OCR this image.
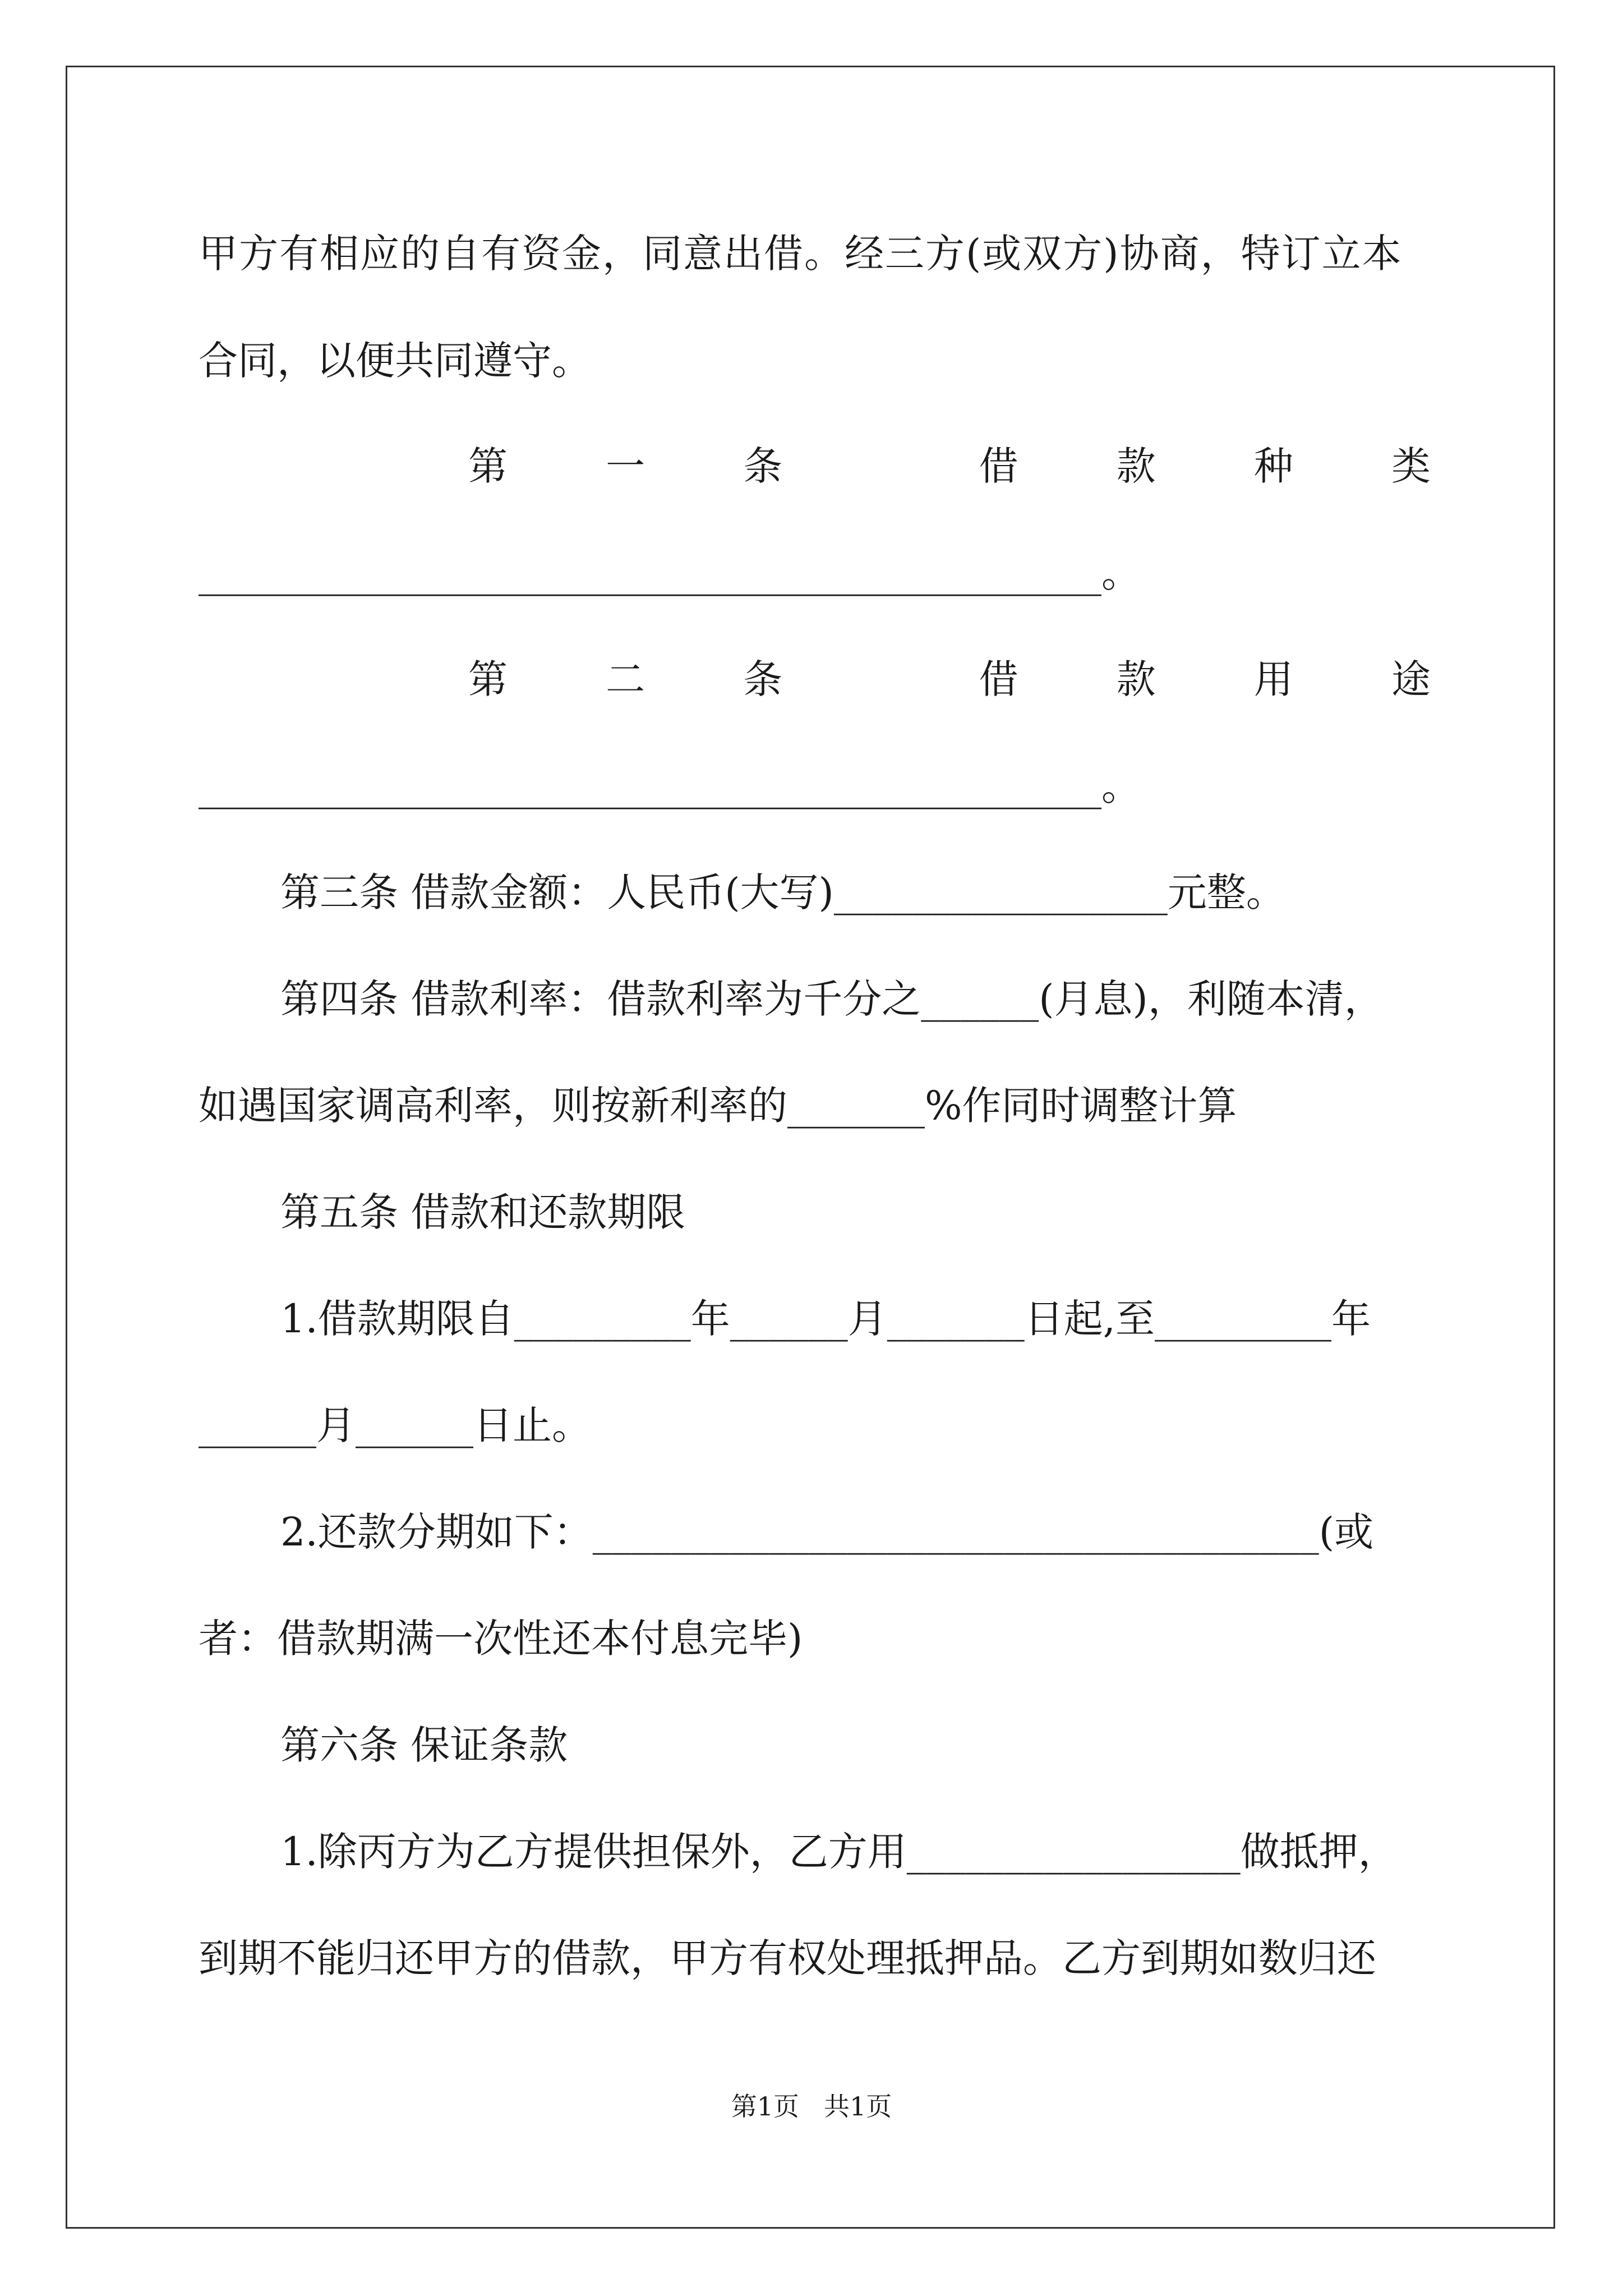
甲方有相应的自有资金，同意出借。经三方(或双方)协商，特订立本
合同，以便共同遵守。
第	一	条	借	款	种	类
______________________________________________。
第	二	条	借	款	用	途
______________________________________________。
第三条 借款金额：人民币(大写)_________________元整。
第四条 借款利率：借款利率为千分之______(月息)，利随本清，
如遇国家调高利率，则按新利率的_______%作同时调整计算
第五条 借款和还款期限
1.借款期限自_________年______月_______日起,至_________年
______月______日止。
2.还款分期如下：_____________________________________(或
者：借款期满一次性还本付息完毕)
第六条 保证条款
1.除丙方为乙方提供担保外，乙方用_________________做抵押，
到期不能归还甲方的借款，甲方有权处理抵押品。乙方到期如数归还
第1页 共1页
